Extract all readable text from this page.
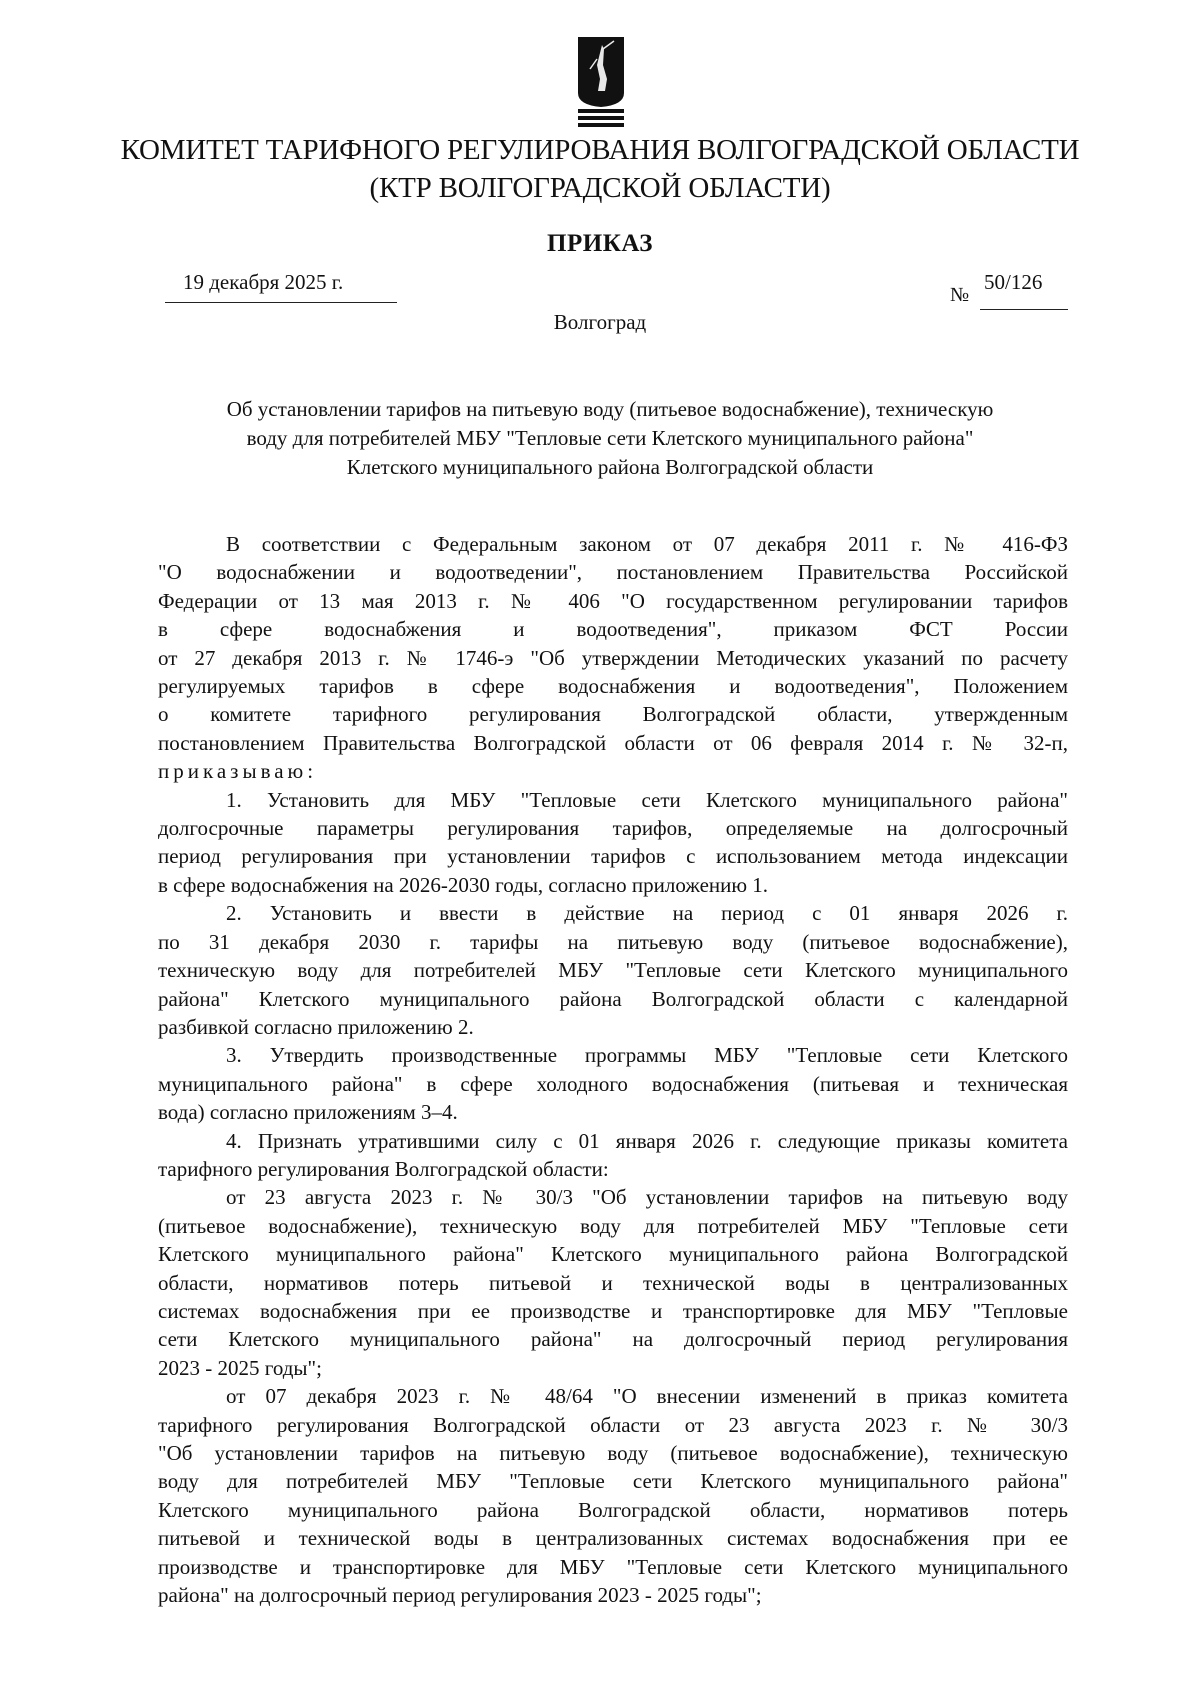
КОМИТЕТ ТАРИФНОГО РЕГУЛИРОВАНИЯ ВОЛГОГРАДСКОЙ ОБЛАСТИ
(КТР ВОЛГОГРАДСКОЙ ОБЛАСТИ)
ПРИКАЗ
19 декабря 2025 г.
№
50/126
Волгоград
Об установлении тарифов на питьевую воду (питьевое водоснабжение), техническую
воду для потребителей МБУ "Тепловые сети Клетского муниципального района"
Клетского муниципального района Волгоградской области

В соответствии с Федеральным законом от 07 декабря 2011 г. № 416-ФЗ

"О водоснабжении и водоотведении", постановлением Правительства Российской

Федерации от 13 мая 2013 г. № 406 "О государственном регулировании тарифов

в сфере водоснабжения и водоотведения", приказом ФСТ России

от 27 декабря 2013 г. № 1746-э "Об утверждении Методических указаний по расчету

регулируемых тарифов в сфере водоснабжения и водоотведения", Положением

о комитете тарифного регулирования Волгоградской области, утвержденным

постановлением Правительства Волгоградской области от 06 февраля 2014 г. № 32-п,

приказываю:

1. Установить для МБУ "Тепловые сети Клетского муниципального района"

долгосрочные параметры регулирования тарифов, определяемые на долгосрочный

период регулирования при установлении тарифов с использованием метода индексации

в сфере водоснабжения на 2026-2030 годы, согласно приложению 1.

2. Установить и ввести в действие на период с 01 января 2026 г.

по 31 декабря 2030 г. тарифы на питьевую воду (питьевое водоснабжение),

техническую воду для потребителей МБУ "Тепловые сети Клетского муниципального

района" Клетского муниципального района Волгоградской области с календарной

разбивкой согласно приложению 2.

3. Утвердить производственные программы МБУ "Тепловые сети Клетского

муниципального района" в сфере холодного водоснабжения (питьевая и техническая

вода) согласно приложениям 3–4.

4. Признать утратившими силу с 01 января 2026 г. следующие приказы комитета

тарифного регулирования Волгоградской области:

от 23 августа 2023 г. № 30/3 "Об установлении тарифов на питьевую воду

(питьевое водоснабжение), техническую воду для потребителей МБУ "Тепловые сети

Клетского муниципального района" Клетского муниципального района Волгоградской

области, нормативов потерь питьевой и технической воды в централизованных

системах водоснабжения при ее производстве и транспортировке для МБУ "Тепловые

сети Клетского муниципального района" на долгосрочный период регулирования

2023 - 2025 годы";

от 07 декабря 2023 г. № 48/64 "О внесении изменений в приказ комитета

тарифного регулирования Волгоградской области от 23 августа 2023 г. № 30/3

"Об установлении тарифов на питьевую воду (питьевое водоснабжение), техническую

воду для потребителей МБУ "Тепловые сети Клетского муниципального района"

Клетского муниципального района Волгоградской области, нормативов потерь

питьевой и технической воды в централизованных системах водоснабжения при ее

производстве и транспортировке для МБУ "Тепловые сети Клетского муниципального

района" на долгосрочный период регулирования 2023 - 2025 годы";
